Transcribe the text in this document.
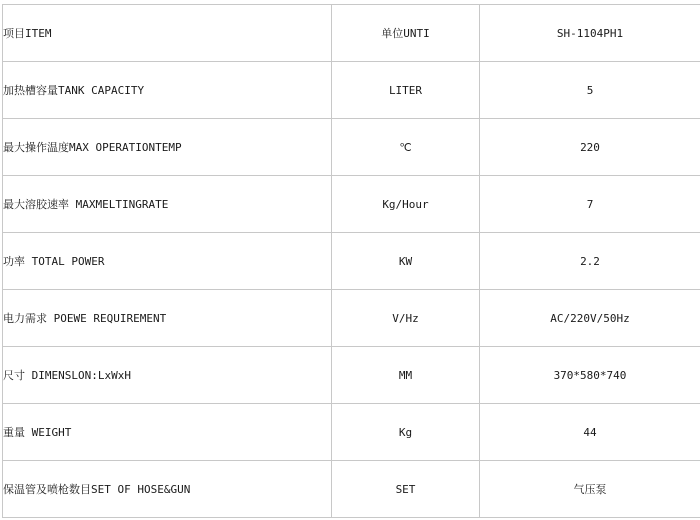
项目ITEM	单位UNTI	SH-1104PH1
加热槽容量TANK CAPACITY	LITER	5
最大操作温度MAX OPERATIONTEMP	℃	220
最大溶胶速率 MAXMELTINGRATE	Kg/Hour	7
功率 TOTAL POWER	KW	2.2
电力需求 POEWE REQUIREMENT	V/Hz	AC/220V/50Hz
尺寸 DIMENSLON:LxWxH	MM	370*580*740
重量 WEIGHT	Kg	44
保温管及喷枪数目SET OF HOSE&GUN	SET	气压泵
